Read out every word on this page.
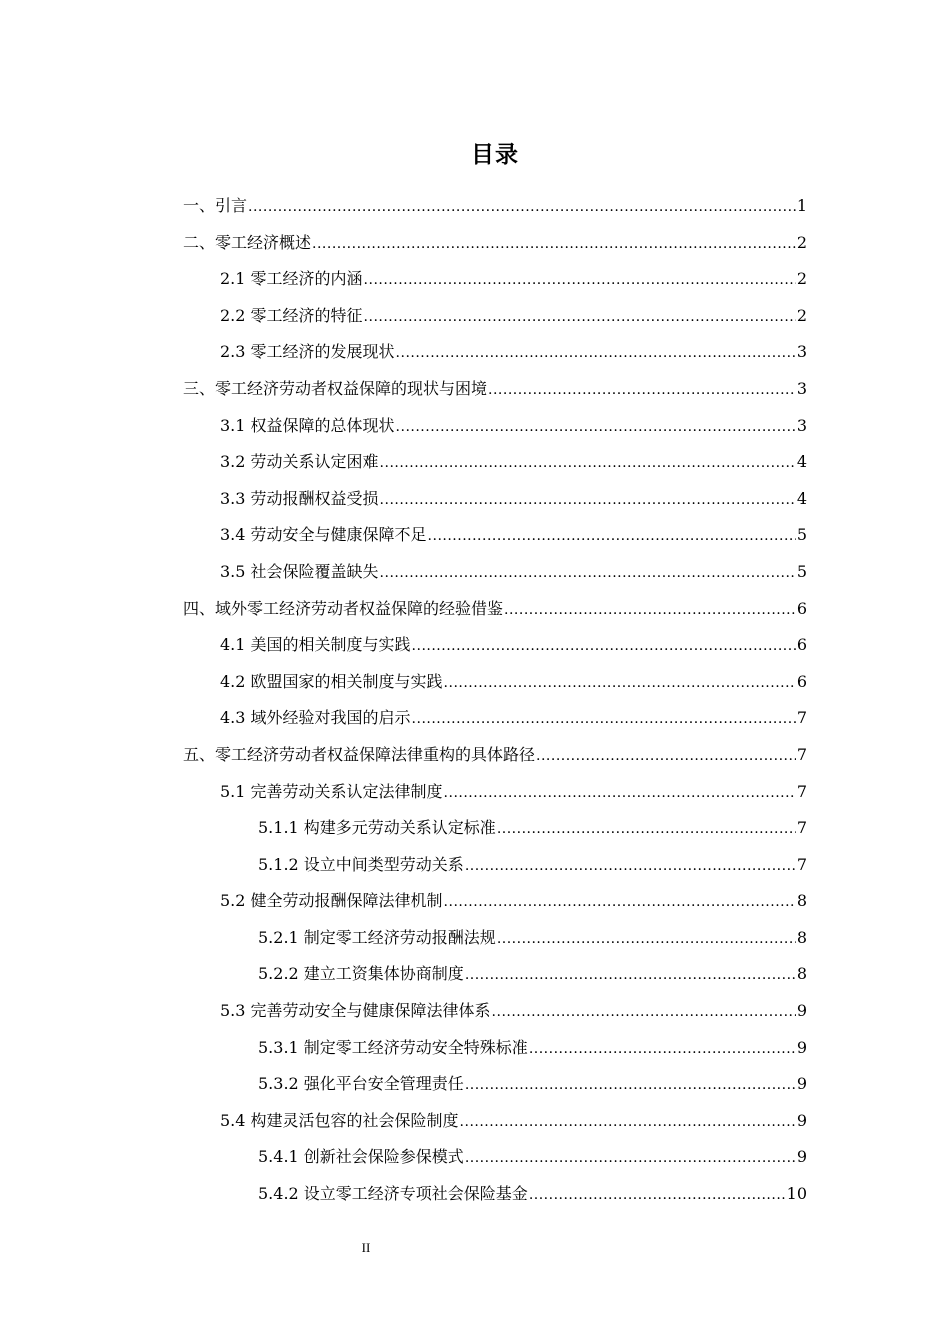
目录
一、引言 .....	1
二、零工经济概述 .....	2
2.1 零工经济的内涵 .....	2
2.2 零工经济的特征 .....	2
2.3 零工经济的发展现状 .....	3
三、零工经济劳动者权益保障的现状与困境 .....	3
3.1 权益保障的总体现状 .....	3
3.2 劳动关系认定困难 .....	4
3.3 劳动报酬权益受损 .....	4
3.4 劳动安全与健康保障不足 .....	5
3.5 社会保险覆盖缺失 .....	5
四、域外零工经济劳动者权益保障的经验借鉴 .....	6
4.1 美国的相关制度与实践 .....	6
4.2 欧盟国家的相关制度与实践 .....	6
4.3 域外经验对我国的启示 .....	7
五、零工经济劳动者权益保障法律重构的具体路径 .....	7
5.1 完善劳动关系认定法律制度 .....	7
5.1.1 构建多元劳动关系认定标准 .....	7
5.1.2 设立中间类型劳动关系 .....	7
5.2 健全劳动报酬保障法律机制 .....	8
5.2.1 制定零工经济劳动报酬法规 .....	8
5.2.2 建立工资集体协商制度 .....	8
5.3 完善劳动安全与健康保障法律体系 .....	9
5.3.1 制定零工经济劳动安全特殊标准 .....	9
5.3.2 强化平台安全管理责任 .....	9
5.4 构建灵活包容的社会保险制度 .....	9
5.4.1 创新社会保险参保模式 .....	9
5.4.2 设立零工经济专项社会保险基金 .....	10
II
